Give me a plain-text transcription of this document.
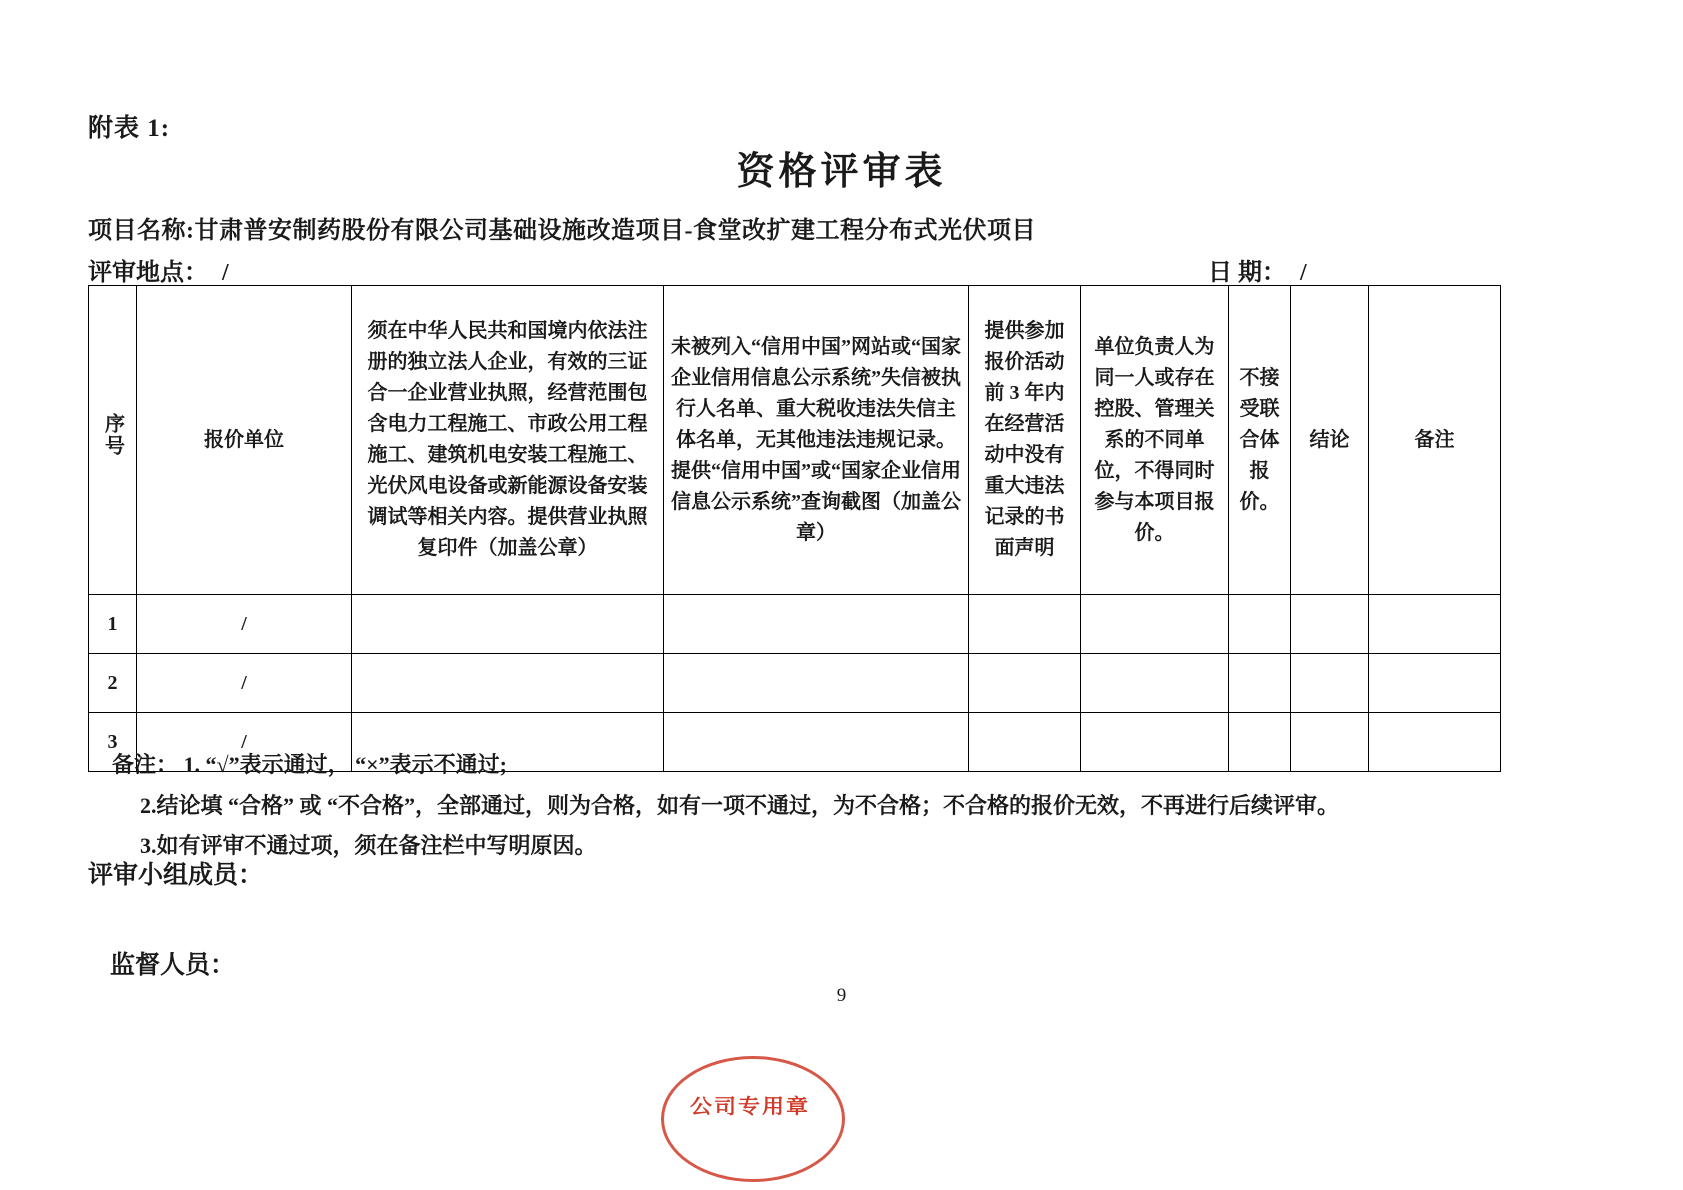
附表 1:
资格评审表
项目名称:甘肃普安制药股份有限公司基础设施改造项目-食堂改扩建工程分布式光伏项目
评审地点： /	日 期： /
序号	报价单位	须在中华人民共和国境内依法注册的独立法人企业，有效的三证合一企业营业执照，经营范围包含电力工程施工、市政公用工程施工、建筑机电安装工程施工、光伏风电设备或新能源设备安装调试等相关内容。提供营业执照复印件（加盖公章）	未被列入“信用中国”网站或“国家企业信用信息公示系统”失信被执行人名单、重大税收违法失信主体名单，无其他违法违规记录。提供“信用中国”或“国家企业信用信息公示系统”查询截图（加盖公章）	提供参加报价活动前 3 年内在经营活动中没有重大违法记录的书面声明	单位负责人为同一人或存在控股、管理关系的不同单位，不得同时参与本项目报价。	不接受联合体报价。	结论	备注
1	/							
2	/							
3	/							
备注： 1. “√”表示通过， “×”表示不通过;
2.结论填 “合格” 或 “不合格”，全部通过，则为合格，如有一项不通过，为不合格；不合格的报价无效，不再进行后续评审。
3.如有评审不通过项，须在备注栏中写明原因。
评审小组成员：
监督人员：
9
公司专用章
